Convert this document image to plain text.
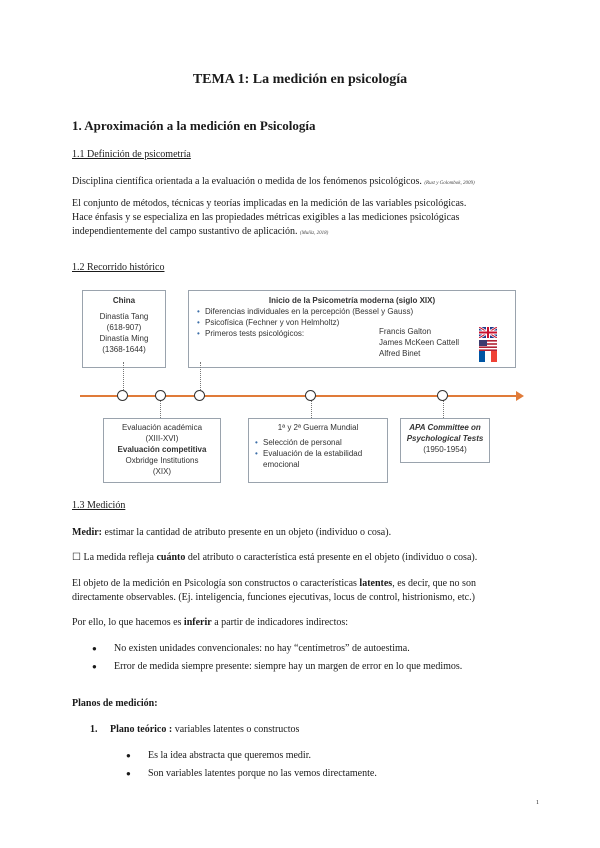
TEMA 1: La medición en psicología
1. Aproximación a la medición en Psicología
1.1 Definición de psicometría
Disciplina científica orientada a la evaluación o medida de los fenómenos psicológicos. (Rust y Golombok, 2009)
El conjunto de métodos, técnicas y teorías implicadas en la medición de las variables psicológicas.
Hace énfasis y se especializa en las propiedades métricas exigibles a las mediciones psicológicas
independientemente del campo sustantivo de aplicación. (Muñiz, 2018)
1.2 Recorrido histórico
China
Dinastía Tang
(618-907)
Dinastía Ming
(1368-1644)
Inicio de la Psicometría moderna (siglo XIX)
• Diferencias individuales en la percepción (Bessel y Gauss)
• Psicofísica (Fechner y von Helmholtz)
• Primeros tests psicológicos:	Francis Galton
James McKeen Cattell
Alfred Binet
Evaluación académica
(XIII-XVI)
Evaluación competitiva
Oxbridge Institutions
(XIX)
1ª y 2ª Guerra Mundial
• Selección de personal
• Evaluación de la estabilidad emocional
APA Committee on
Psychological Tests
(1950-1954)
1.3 Medición
Medir: estimar la cantidad de atributo presente en un objeto (individuo o cosa).
☐ La medida refleja cuánto del atributo o característica está presente en el objeto (individuo o cosa).
El objeto de la medición en Psicología son constructos o características latentes, es decir, que no son
directamente observables. (Ej. inteligencia, funciones ejecutivas, locus de control, histrionismo, etc.)
Por ello, lo que hacemos es inferir a partir de indicadores indirectos:
● No existen unidades convencionales: no hay “centímetros” de autoestima.
● Error de medida siempre presente: siempre hay un margen de error en lo que medimos.
Planos de medición:
1. Plano teórico : variables latentes o constructos
● Es la idea abstracta que queremos medir.
● Son variables latentes porque no las vemos directamente.
1
